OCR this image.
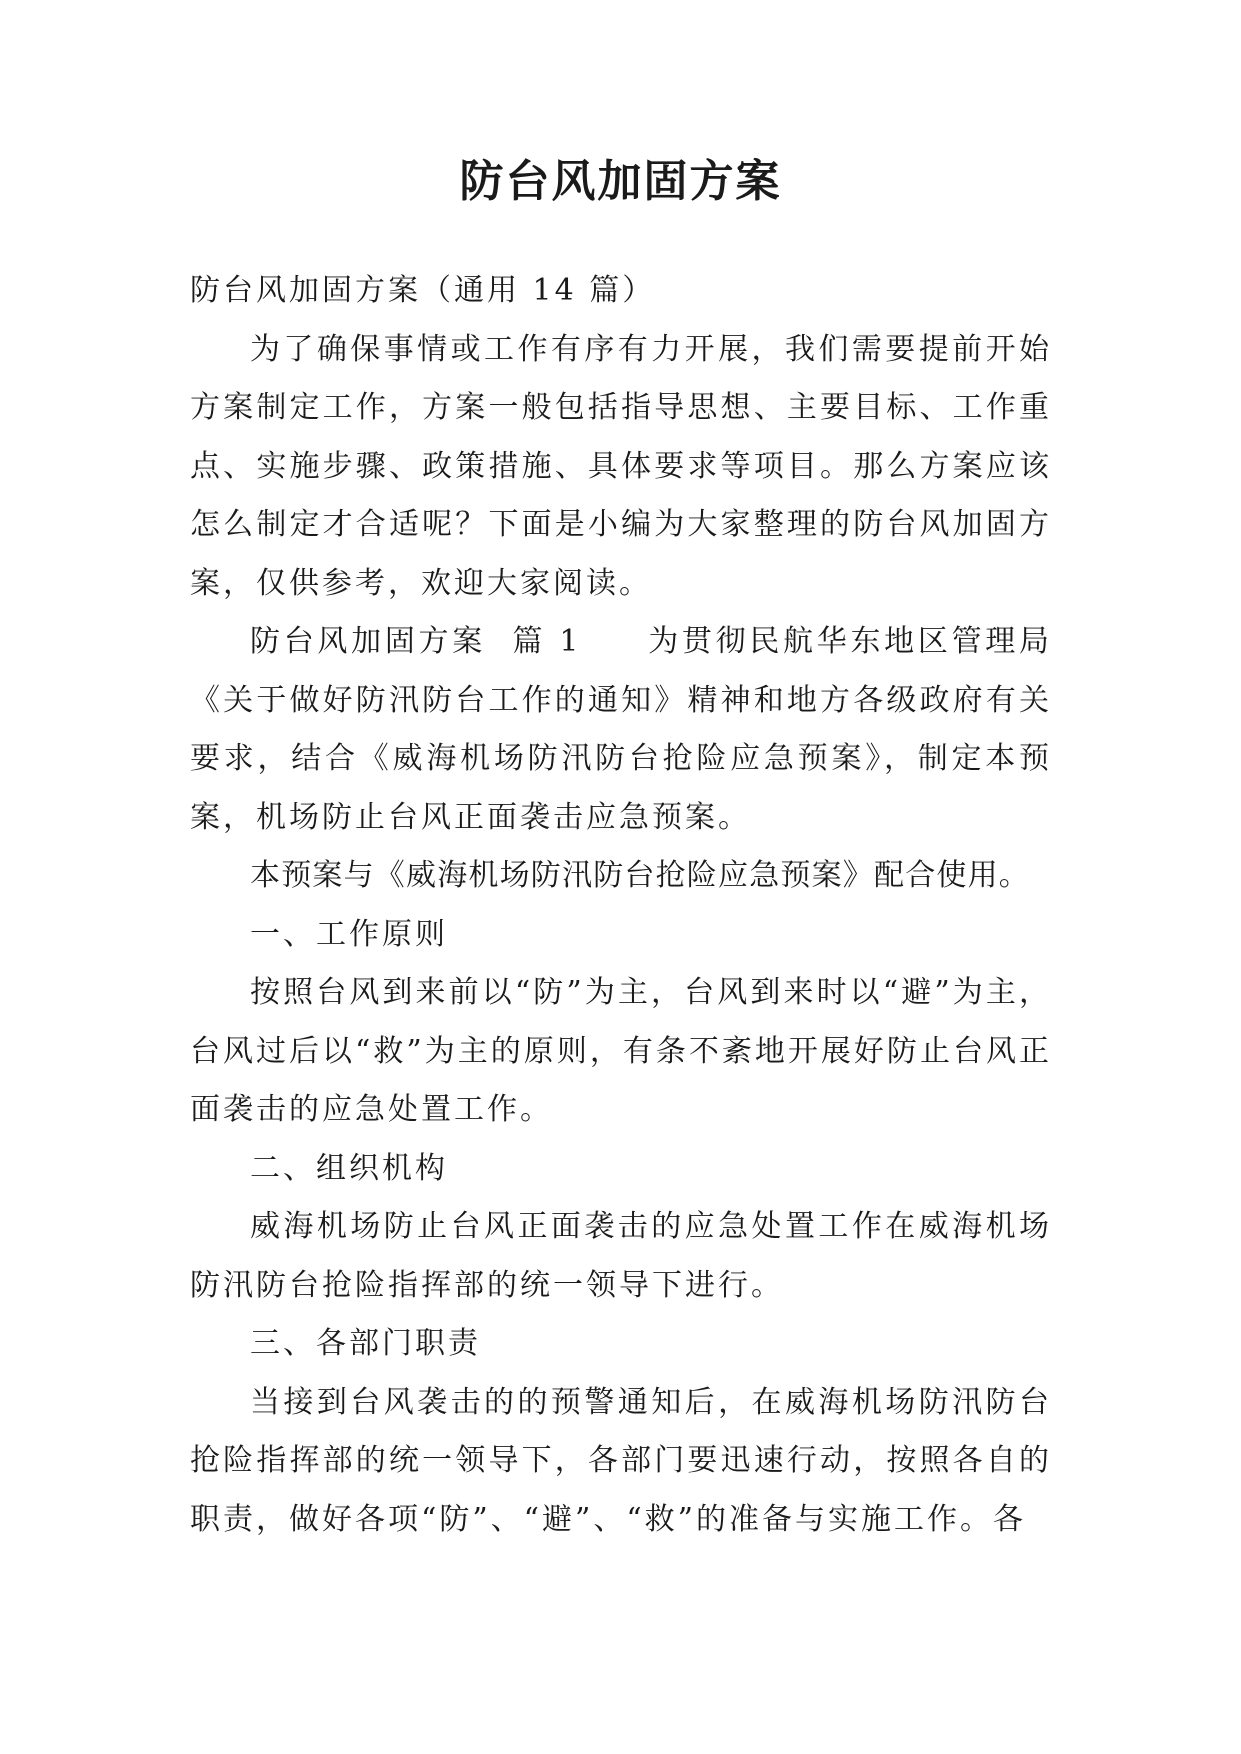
防台风加固方案

防台风加固方案（通用 14 篇）

为了确保事情或工作有序有力开展，我们需要提前开始方案制定工作，方案一般包括指导思想、主要目标、工作重点、实施步骤、政策措施、具体要求等项目。那么方案应该怎么制定才合适呢？下面是小编为大家整理的防台风加固方案，仅供参考，欢迎大家阅读。

防台风加固方案  篇 1 为贯彻民航华东地区管理局《关于做好防汛防台工作的通知》精神和地方各级政府有关要求，结合《威海机场防汛防台抢险应急预案》，制定本预案，机场防止台风正面袭击应急预案。

本预案与《威海机场防汛防台抢险应急预案》配合使用。

一、工作原则

按照台风到来前以“防”为主，台风到来时以“避”为主，台风过后以“救”为主的原则，有条不紊地开展好防止台风正面袭击的应急处置工作。

二、组织机构

威海机场防止台风正面袭击的应急处置工作在威海机场防汛防台抢险指挥部的统一领导下进行。

三、各部门职责

当接到台风袭击的的预警通知后，在威海机场防汛防台抢险指挥部的统一领导下，各部门要迅速行动，按照各自的职责，做好各项“防”、“避”、“救”的准备与实施工作。各
